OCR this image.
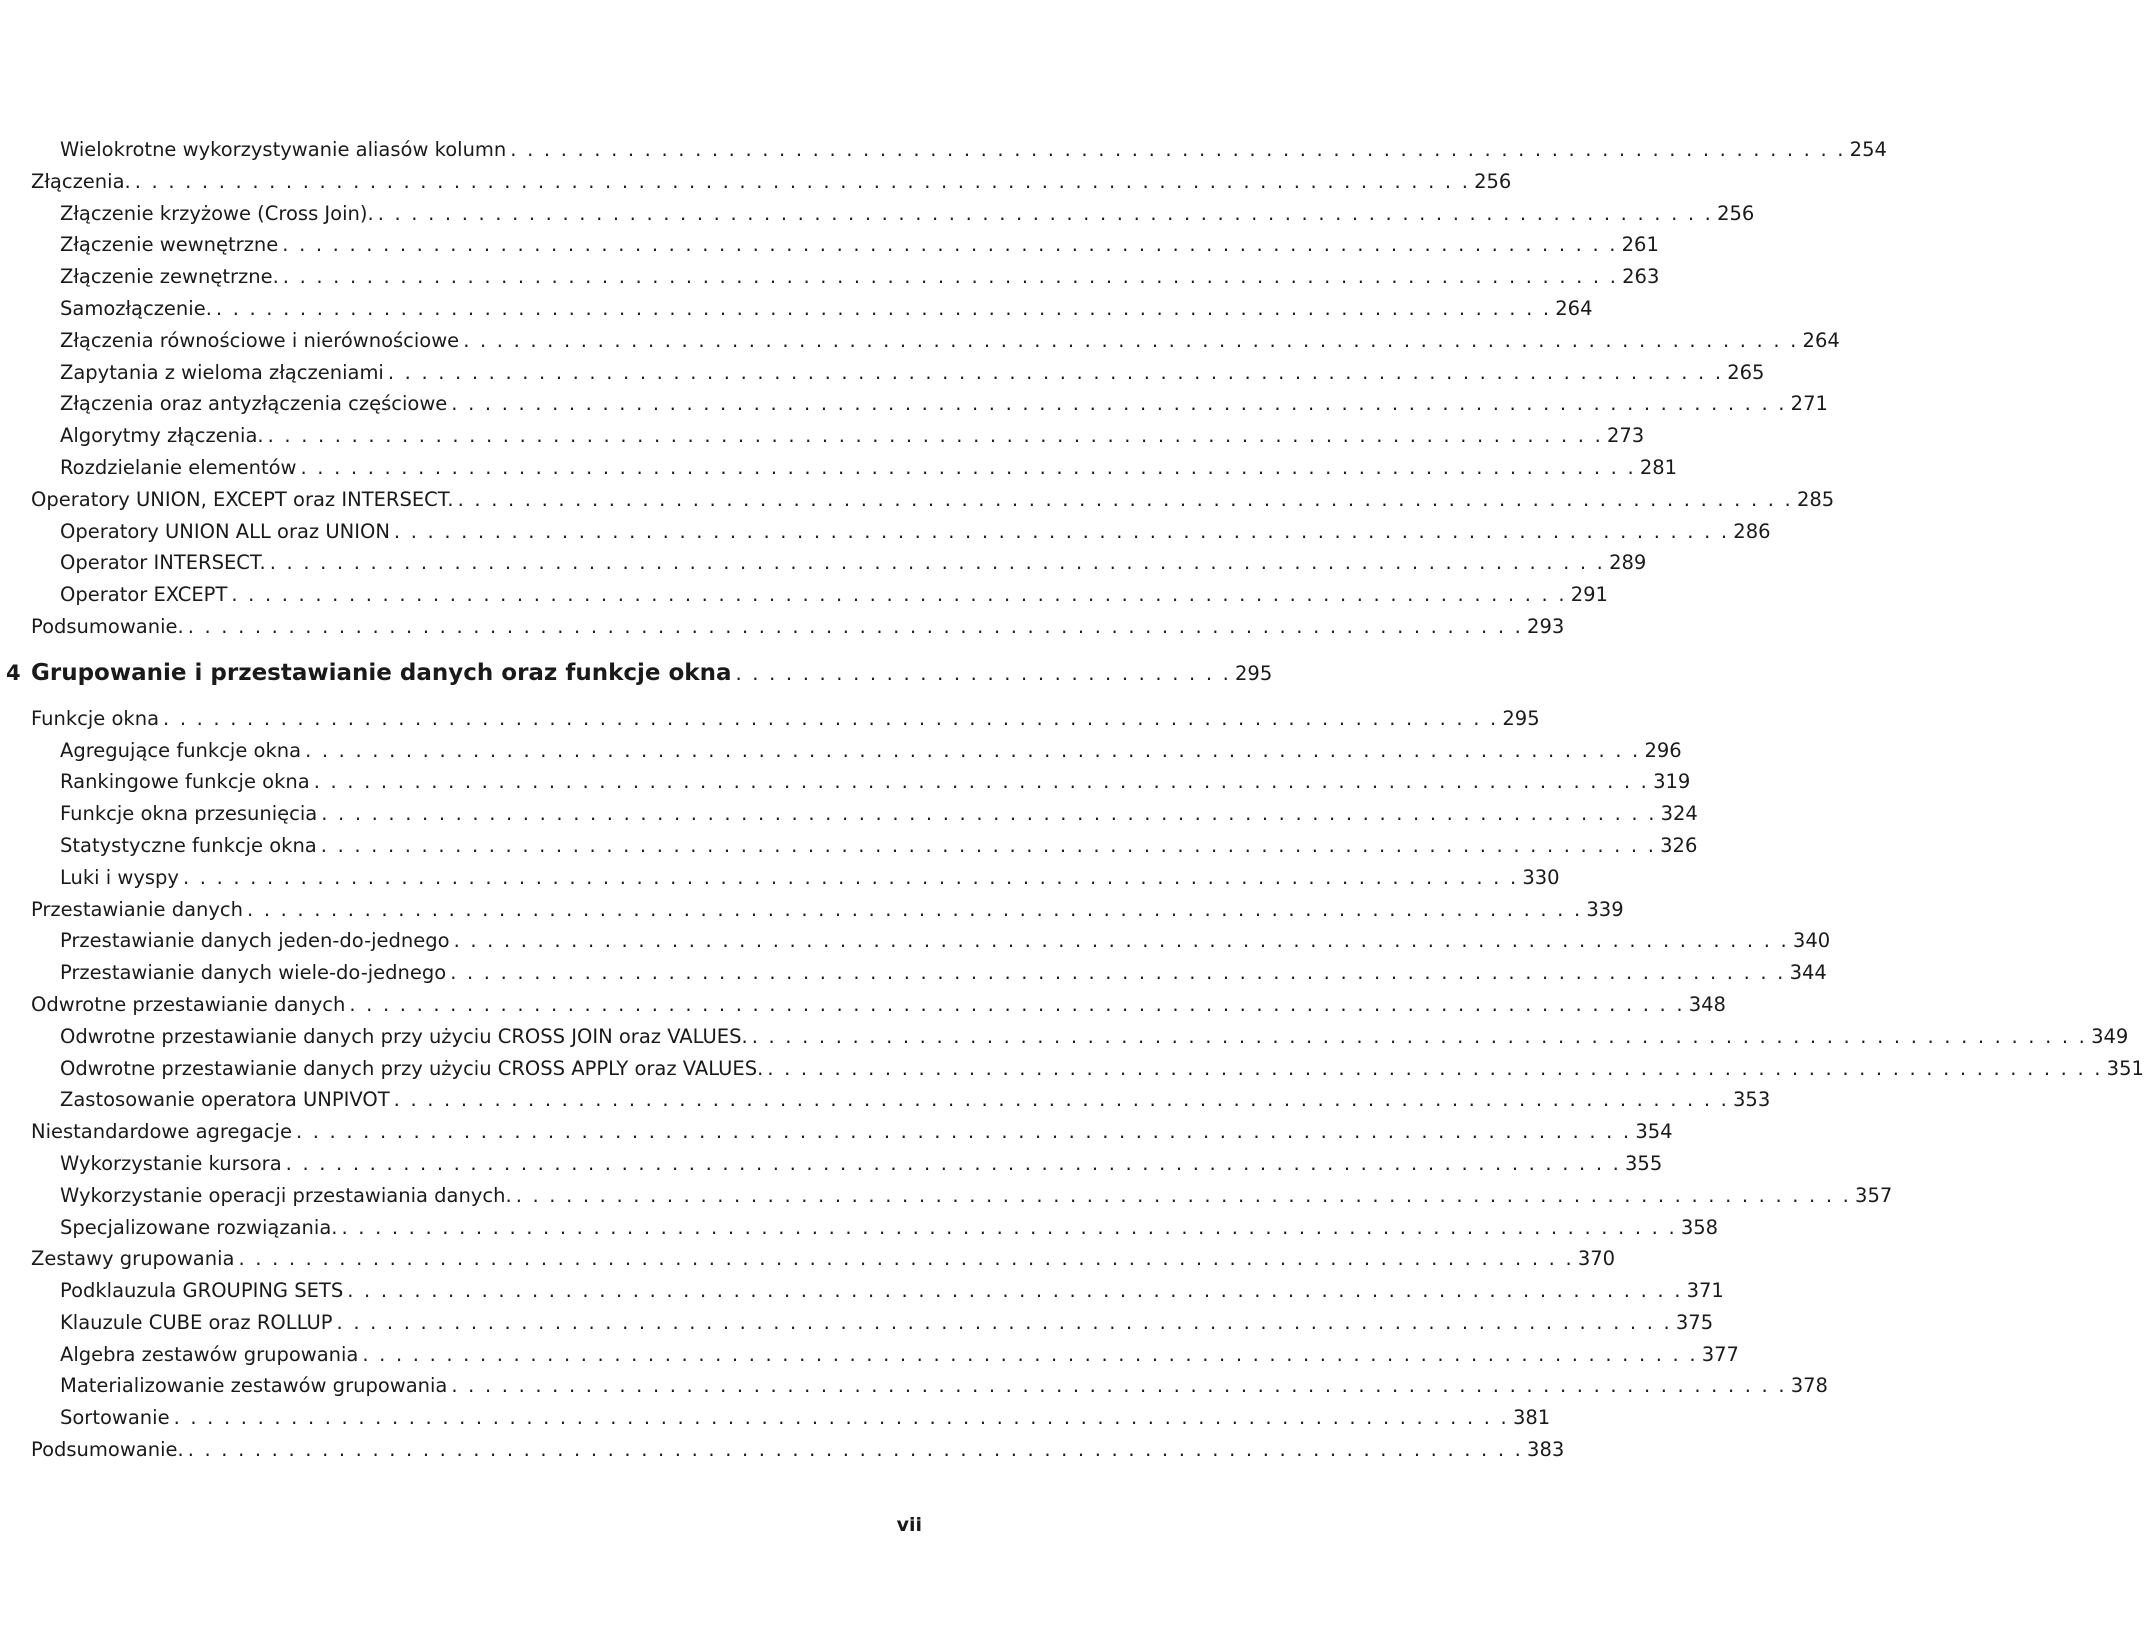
Wielokrotne wykorzystywanie aliasów kolumn . . . . . . . . . . . . . . . . . . . . . . . . . . . . . . . . . . . . . . . . . . . . . . . . . . . . . . . . . . . . . . . . . . . . . . . . . . . . . . . . 254
Złączenia. . . . . . . . . . . . . . . . . . . . . . . . . . . . . . . . . . . . . . . . . . . . . . . . . . . . . . . . . . . . . . . . . . . . . . . . . . . . . . . . . 256
Złączenie krzyżowe (Cross Join). . . . . . . . . . . . . . . . . . . . . . . . . . . . . . . . . . . . . . . . . . . . . . . . . . . . . . . . . . . . . . . . . . . . . . . . . . . . . . . . . 256
Złączenie wewnętrzne . . . . . . . . . . . . . . . . . . . . . . . . . . . . . . . . . . . . . . . . . . . . . . . . . . . . . . . . . . . . . . . . . . . . . . . . . . . . . . . . 261
Złączenie zewnętrzne. . . . . . . . . . . . . . . . . . . . . . . . . . . . . . . . . . . . . . . . . . . . . . . . . . . . . . . . . . . . . . . . . . . . . . . . . . . . . . . . . 263
Samozłączenie. . . . . . . . . . . . . . . . . . . . . . . . . . . . . . . . . . . . . . . . . . . . . . . . . . . . . . . . . . . . . . . . . . . . . . . . . . . . . . . . . 264
Złączenia równościowe i nierównościowe . . . . . . . . . . . . . . . . . . . . . . . . . . . . . . . . . . . . . . . . . . . . . . . . . . . . . . . . . . . . . . . . . . . . . . . . . . . . . . . . 264
Zapytania z wieloma złączeniami . . . . . . . . . . . . . . . . . . . . . . . . . . . . . . . . . . . . . . . . . . . . . . . . . . . . . . . . . . . . . . . . . . . . . . . . . . . . . . . . 265
Złączenia oraz antyzłączenia częściowe . . . . . . . . . . . . . . . . . . . . . . . . . . . . . . . . . . . . . . . . . . . . . . . . . . . . . . . . . . . . . . . . . . . . . . . . . . . . . . . . 271
Algorytmy złączenia. . . . . . . . . . . . . . . . . . . . . . . . . . . . . . . . . . . . . . . . . . . . . . . . . . . . . . . . . . . . . . . . . . . . . . . . . . . . . . . . . 273
Rozdzielanie elementów . . . . . . . . . . . . . . . . . . . . . . . . . . . . . . . . . . . . . . . . . . . . . . . . . . . . . . . . . . . . . . . . . . . . . . . . . . . . . . . . 281
Operatory UNION, EXCEPT oraz INTERSECT. . . . . . . . . . . . . . . . . . . . . . . . . . . . . . . . . . . . . . . . . . . . . . . . . . . . . . . . . . . . . . . . . . . . . . . . . . . . . . . . . 285
Operatory UNION ALL oraz UNION . . . . . . . . . . . . . . . . . . . . . . . . . . . . . . . . . . . . . . . . . . . . . . . . . . . . . . . . . . . . . . . . . . . . . . . . . . . . . . . . 286
Operator INTERSECT. . . . . . . . . . . . . . . . . . . . . . . . . . . . . . . . . . . . . . . . . . . . . . . . . . . . . . . . . . . . . . . . . . . . . . . . . . . . . . . . . 289
Operator EXCEPT . . . . . . . . . . . . . . . . . . . . . . . . . . . . . . . . . . . . . . . . . . . . . . . . . . . . . . . . . . . . . . . . . . . . . . . . . . . . . . . . 291
Podsumowanie. . . . . . . . . . . . . . . . . . . . . . . . . . . . . . . . . . . . . . . . . . . . . . . . . . . . . . . . . . . . . . . . . . . . . . . . . . . . . . . . . 293
4 Grupowanie i przestawianie danych oraz funkcje okna . . . . . . . . . . . . . . . . . . . . . . . . . . . . . . 295
Funkcje okna . . . . . . . . . . . . . . . . . . . . . . . . . . . . . . . . . . . . . . . . . . . . . . . . . . . . . . . . . . . . . . . . . . . . . . . . . . . . . . . . 295
Agregujące funkcje okna . . . . . . . . . . . . . . . . . . . . . . . . . . . . . . . . . . . . . . . . . . . . . . . . . . . . . . . . . . . . . . . . . . . . . . . . . . . . . . . . 296
Rankingowe funkcje okna . . . . . . . . . . . . . . . . . . . . . . . . . . . . . . . . . . . . . . . . . . . . . . . . . . . . . . . . . . . . . . . . . . . . . . . . . . . . . . . . 319
Funkcje okna przesunięcia . . . . . . . . . . . . . . . . . . . . . . . . . . . . . . . . . . . . . . . . . . . . . . . . . . . . . . . . . . . . . . . . . . . . . . . . . . . . . . . . 324
Statystyczne funkcje okna . . . . . . . . . . . . . . . . . . . . . . . . . . . . . . . . . . . . . . . . . . . . . . . . . . . . . . . . . . . . . . . . . . . . . . . . . . . . . . . . 326
Luki i wyspy . . . . . . . . . . . . . . . . . . . . . . . . . . . . . . . . . . . . . . . . . . . . . . . . . . . . . . . . . . . . . . . . . . . . . . . . . . . . . . . . 330
Przestawianie danych . . . . . . . . . . . . . . . . . . . . . . . . . . . . . . . . . . . . . . . . . . . . . . . . . . . . . . . . . . . . . . . . . . . . . . . . . . . . . . . . 339
Przestawianie danych jeden-do-jednego . . . . . . . . . . . . . . . . . . . . . . . . . . . . . . . . . . . . . . . . . . . . . . . . . . . . . . . . . . . . . . . . . . . . . . . . . . . . . . . . 340
Przestawianie danych wiele-do-jednego . . . . . . . . . . . . . . . . . . . . . . . . . . . . . . . . . . . . . . . . . . . . . . . . . . . . . . . . . . . . . . . . . . . . . . . . . . . . . . . . 344
Odwrotne przestawianie danych . . . . . . . . . . . . . . . . . . . . . . . . . . . . . . . . . . . . . . . . . . . . . . . . . . . . . . . . . . . . . . . . . . . . . . . . . . . . . . . . 348
Odwrotne przestawianie danych przy użyciu CROSS JOIN oraz VALUES. . . . . . . . . . . . . . . . . . . . . . . . . . . . . . . . . . . . . . . . . . . . . . . . . . . . . . . . . . . . . . . . . . . . . . . . . . . . . . . . . 349
Odwrotne przestawianie danych przy użyciu CROSS APPLY oraz VALUES. . . . . . . . . . . . . . . . . . . . . . . . . . . . . . . . . . . . . . . . . . . . . . . . . . . . . . . . . . . . . . . . . . . . . . . . . . . . . . . . . 351
Zastosowanie operatora UNPIVOT . . . . . . . . . . . . . . . . . . . . . . . . . . . . . . . . . . . . . . . . . . . . . . . . . . . . . . . . . . . . . . . . . . . . . . . . . . . . . . . . 353
Niestandardowe agregacje . . . . . . . . . . . . . . . . . . . . . . . . . . . . . . . . . . . . . . . . . . . . . . . . . . . . . . . . . . . . . . . . . . . . . . . . . . . . . . . . 354
Wykorzystanie kursora . . . . . . . . . . . . . . . . . . . . . . . . . . . . . . . . . . . . . . . . . . . . . . . . . . . . . . . . . . . . . . . . . . . . . . . . . . . . . . . . 355
Wykorzystanie operacji przestawiania danych. . . . . . . . . . . . . . . . . . . . . . . . . . . . . . . . . . . . . . . . . . . . . . . . . . . . . . . . . . . . . . . . . . . . . . . . . . . . . . . . . 357
Specjalizowane rozwiązania. . . . . . . . . . . . . . . . . . . . . . . . . . . . . . . . . . . . . . . . . . . . . . . . . . . . . . . . . . . . . . . . . . . . . . . . . . . . . . . . . 358
Zestawy grupowania . . . . . . . . . . . . . . . . . . . . . . . . . . . . . . . . . . . . . . . . . . . . . . . . . . . . . . . . . . . . . . . . . . . . . . . . . . . . . . . . 370
Podklauzula GROUPING SETS . . . . . . . . . . . . . . . . . . . . . . . . . . . . . . . . . . . . . . . . . . . . . . . . . . . . . . . . . . . . . . . . . . . . . . . . . . . . . . . . 371
Klauzule CUBE oraz ROLLUP . . . . . . . . . . . . . . . . . . . . . . . . . . . . . . . . . . . . . . . . . . . . . . . . . . . . . . . . . . . . . . . . . . . . . . . . . . . . . . . . 375
Algebra zestawów grupowania . . . . . . . . . . . . . . . . . . . . . . . . . . . . . . . . . . . . . . . . . . . . . . . . . . . . . . . . . . . . . . . . . . . . . . . . . . . . . . . . 377
Materializowanie zestawów grupowania . . . . . . . . . . . . . . . . . . . . . . . . . . . . . . . . . . . . . . . . . . . . . . . . . . . . . . . . . . . . . . . . . . . . . . . . . . . . . . . . 378
Sortowanie . . . . . . . . . . . . . . . . . . . . . . . . . . . . . . . . . . . . . . . . . . . . . . . . . . . . . . . . . . . . . . . . . . . . . . . . . . . . . . . . 381
Podsumowanie. . . . . . . . . . . . . . . . . . . . . . . . . . . . . . . . . . . . . . . . . . . . . . . . . . . . . . . . . . . . . . . . . . . . . . . . . . . . . . . . . 383
vii
